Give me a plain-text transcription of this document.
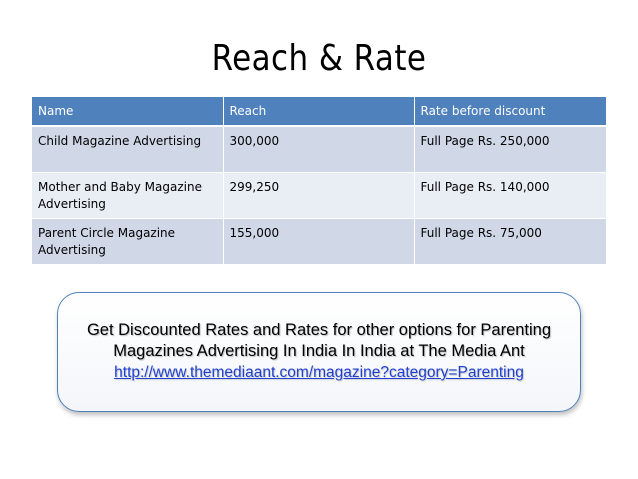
Reach & Rate
Name	Reach	Rate before discount
Child Magazine Advertising	300,000	Full Page Rs. 250,000
Mother and Baby Magazine Advertising	299,250	Full Page Rs. 140,000
Parent Circle Magazine Advertising	155,000	Full Page Rs. 75,000
Get Discounted Rates and Rates for other options for Parenting
Magazines Advertising In India In India at The Media Ant
http://www.themediaant.com/magazine?category=Parenting
